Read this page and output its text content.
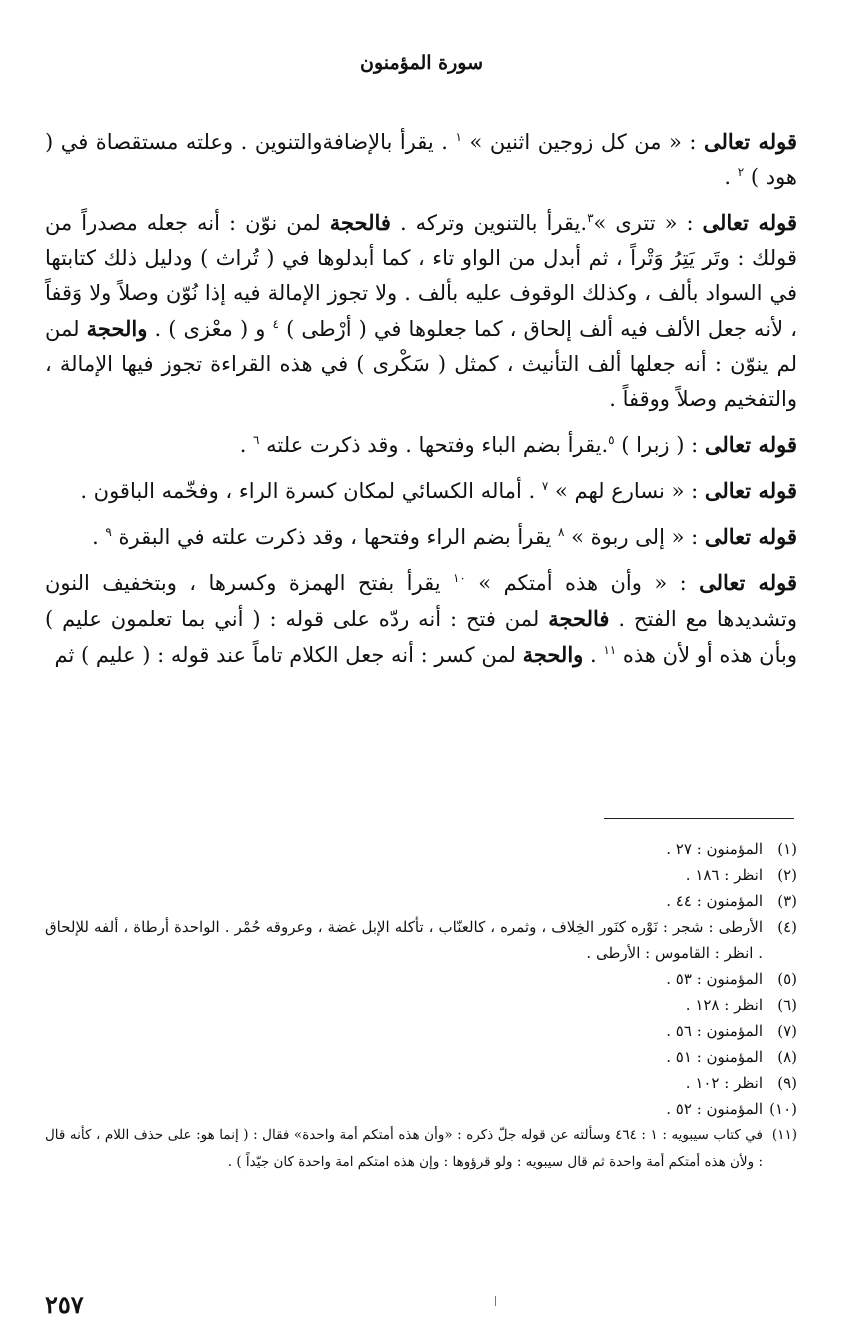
سورة المؤمنون

قوله تعالى : « من كل زوجين اثنين » $^١$ . يقرأ بالإضافةوالتنوين . وعلته مستقصاة في ( هود ) $^٢$ .

قوله تعالى : « تترى »$^٣$.يقرأ بالتنوين وتركه . فالحجة لمن نوّن : أنه جعله مصدراً من قولك : وتَر يَتِرُ وَتْراً ، ثم أبدل من الواو تاء ، كما أبدلوها في ( تُراث ) ودليل ذلك كتابتها في السواد بألف ، وكذلك الوقوف عليه بألف . ولا تجوز الإمالة فيه إذا نُوّن وصلاً ولا وَقفاً ، لأنه جعل الألف فيه ألف إلحاق ، كما جعلوها في ( أرْطى ) $^٤$ و ( معْزى ) . والحجة لمن لم ينوّن : أنه جعلها ألف التأنيث ، كمثل ( سَكْرى ) في هذه القراءة تجوز فيها الإمالة ، والتفخيم وصلاً ووقفاً .

قوله تعالى : ( زبرا ) $^٥$.يقرأ بضم الباء وفتحها . وقد ذكرت علته $^٦$ .

قوله تعالى : « نسارع لهم » $^٧$ . أماله الكسائي لمكان كسرة الراء ، وفخّمه الباقون .

قوله تعالى : « إلى ربوة » $^٨$ يقرأ بضم الراء وفتحها ، وقد ذكرت علته في البقرة $^٩$ .

قوله تعالى : « وأن هذه أمتكم » $^{١٠}$ يقرأ بفتح الهمزة وكسرها ، وبتخفيف النون وتشديدها مع الفتح . فالحجة لمن فتح : أنه ردّه على قوله : ( أني بما تعلمون عليم ) وبأن هذه أو لأن هذه $^{١١}$ . والحجة لمن كسر : أنه جعل الكلام تاماً عند قوله : ( عليم ) ثم

(١)
المؤمنون : ٢٧ .
(٢)
انظر : ١٨٦ .
(٣)
المؤمنون : ٤٤ .
(٤)
الأرطى : شجر : نَوْره كنَور الخِلاف ، وثمره ، كالعنّاب ، تأكله الإبل غضة ، وعروقه حُمْر . الواحدة أرطاة ، ألفه للإلحاق . انظر : القاموس : الأرطى .
(٥)
المؤمنون : ٥٣ .
(٦)
انظر : ١٢٨ .
(٧)
المؤمنون : ٥٦ .
(٨)
المؤمنون : ٥١ .
(٩)
انظر : ١٠٢ .
(١٠)
المؤمنون : ٥٢ .
(١١)
في كتاب سيبويه : ١ : ٤٦٤ وسألته عن قوله جلّ ذكره : «وأن هذه أمتكم أمة واحدة» فقال : ( إنما هو: على حذف اللام ، كأنه قال : ولأن هذه أمتكم أمة واحدة ثم قال سيبويه : ولو قرؤوها : وإن هذه امتكم امة واحدة كان جيّداً ) .
٢٥٧
